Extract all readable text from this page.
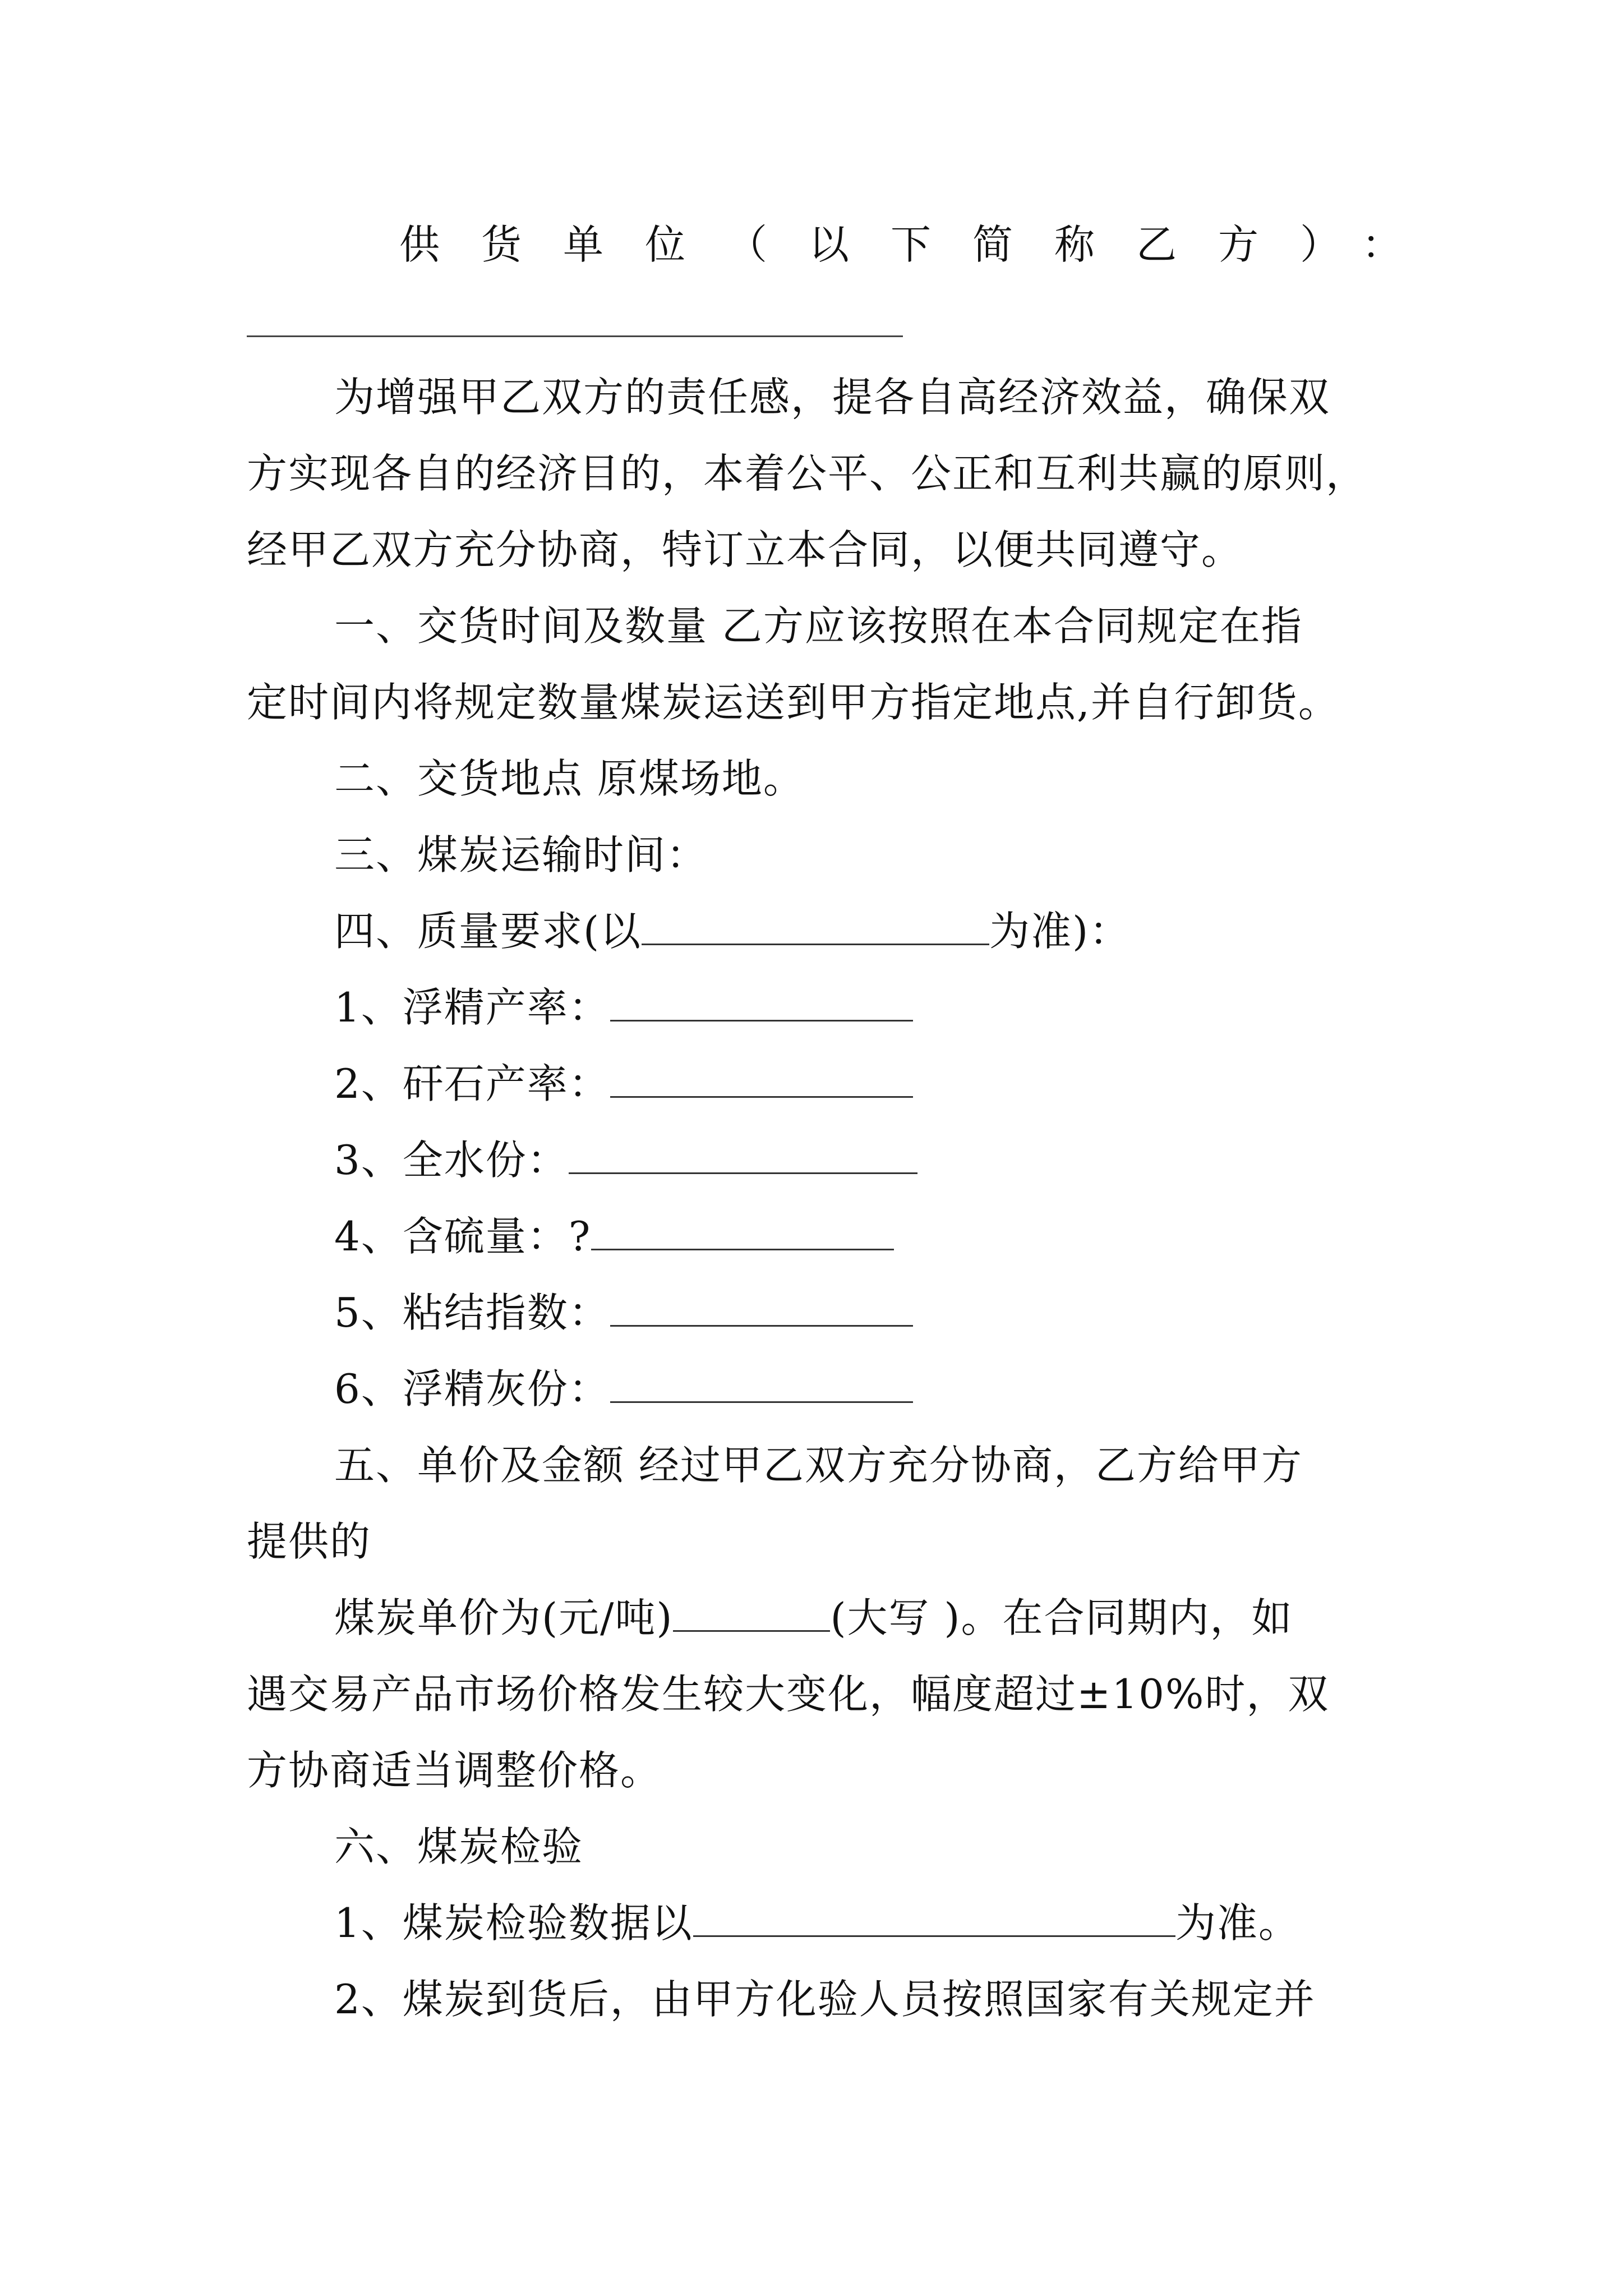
供货单位（以下简称乙方）：
为增强甲乙双方的责任感，提各自高经济效益，确保双
方实现各自的经济目的，本着公平、公正和互利共赢的原则，
经甲乙双方充分协商，特订立本合同，以便共同遵守。
一、交货时间及数量 乙方应该按照在本合同规定在指
定时间内将规定数量煤炭运送到甲方指定地点,并自行卸货。
二、交货地点 原煤场地。
三、煤炭运输时间：
四、质量要求(以	为准)：
1、浮精产率：
2、矸石产率：
3、全水份：
4、含硫量：?
5、粘结指数：
6、浮精灰份：
五、单价及金额 经过甲乙双方充分协商，乙方给甲方
提供的
煤炭单价为(元/吨)	(大写 )。在合同期内，如
遇交易产品市场价格发生较大变化，幅度超过±10%时，双
方协商适当调整价格。
六、煤炭检验
1、煤炭检验数据以	为准。
2、煤炭到货后，由甲方化验人员按照国家有关规定并
